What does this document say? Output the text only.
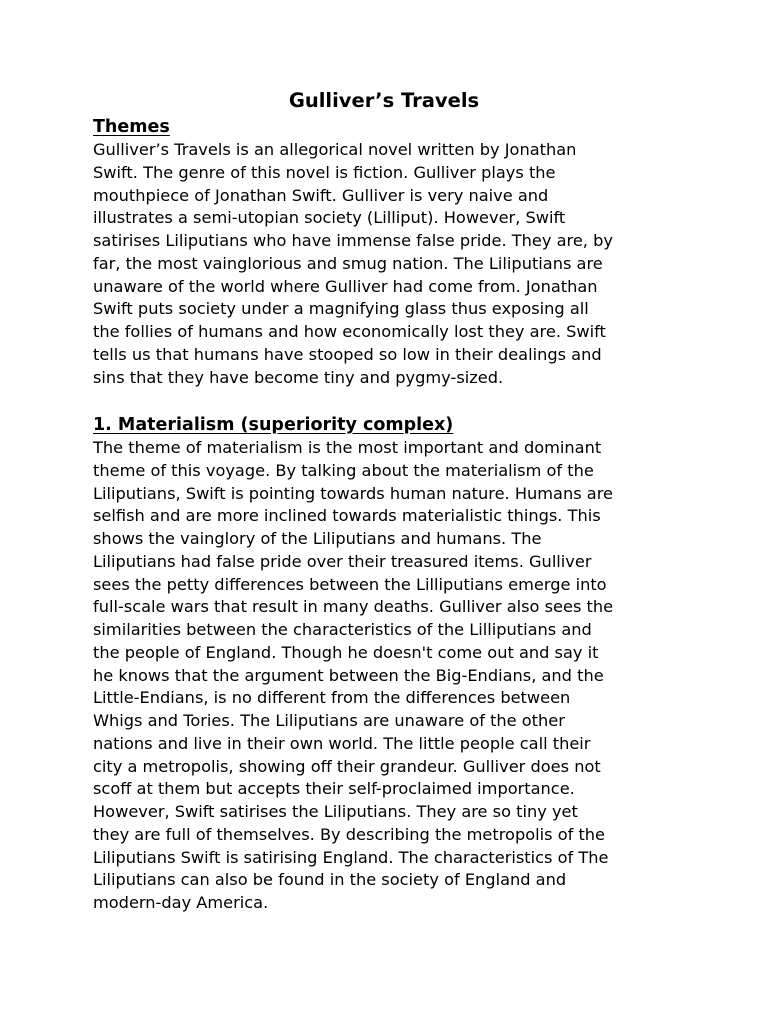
Gulliver’s Travels
Themes

Gulliver’s Travels is an allegorical novel written by Jonathan
Swift. The genre of this novel is fiction. Gulliver plays the
mouthpiece of Jonathan Swift. Gulliver is very naive and
illustrates a semi-utopian society (Lilliput). However, Swift
satirises Liliputians who have immense false pride. They are, by
far, the most vainglorious and smug nation. The Liliputians are
unaware of the world where Gulliver had come from. Jonathan
Swift puts society under a magnifying glass thus exposing all
the follies of humans and how economically lost they are. Swift
tells us that humans have stooped so low in their dealings and
sins that they have become tiny and pygmy-sized.

1. Materialism (superiority complex)

The theme of materialism is the most important and dominant
theme of this voyage. By talking about the materialism of the
Liliputians, Swift is pointing towards human nature. Humans are
selfish and are more inclined towards materialistic things. This
shows the vainglory of the Liliputians and humans. The
Liliputians had false pride over their treasured items. Gulliver
sees the petty differences between the Lilliputians emerge into
full-scale wars that result in many deaths. Gulliver also sees the
similarities between the characteristics of the Lilliputians and
the people of England. Though he doesn't come out and say it
he knows that the argument between the Big-Endians, and the
Little-Endians, is no different from the differences between
Whigs and Tories. The Liliputians are unaware of the other
nations and live in their own world. The little people call their
city a metropolis, showing off their grandeur. Gulliver does not
scoff at them but accepts their self-proclaimed importance.
However, Swift satirises the Liliputians. They are so tiny yet
they are full of themselves. By describing the metropolis of the
Liliputians Swift is satirising England. The characteristics of The
Liliputians can also be found in the society of England and
modern-day America.
